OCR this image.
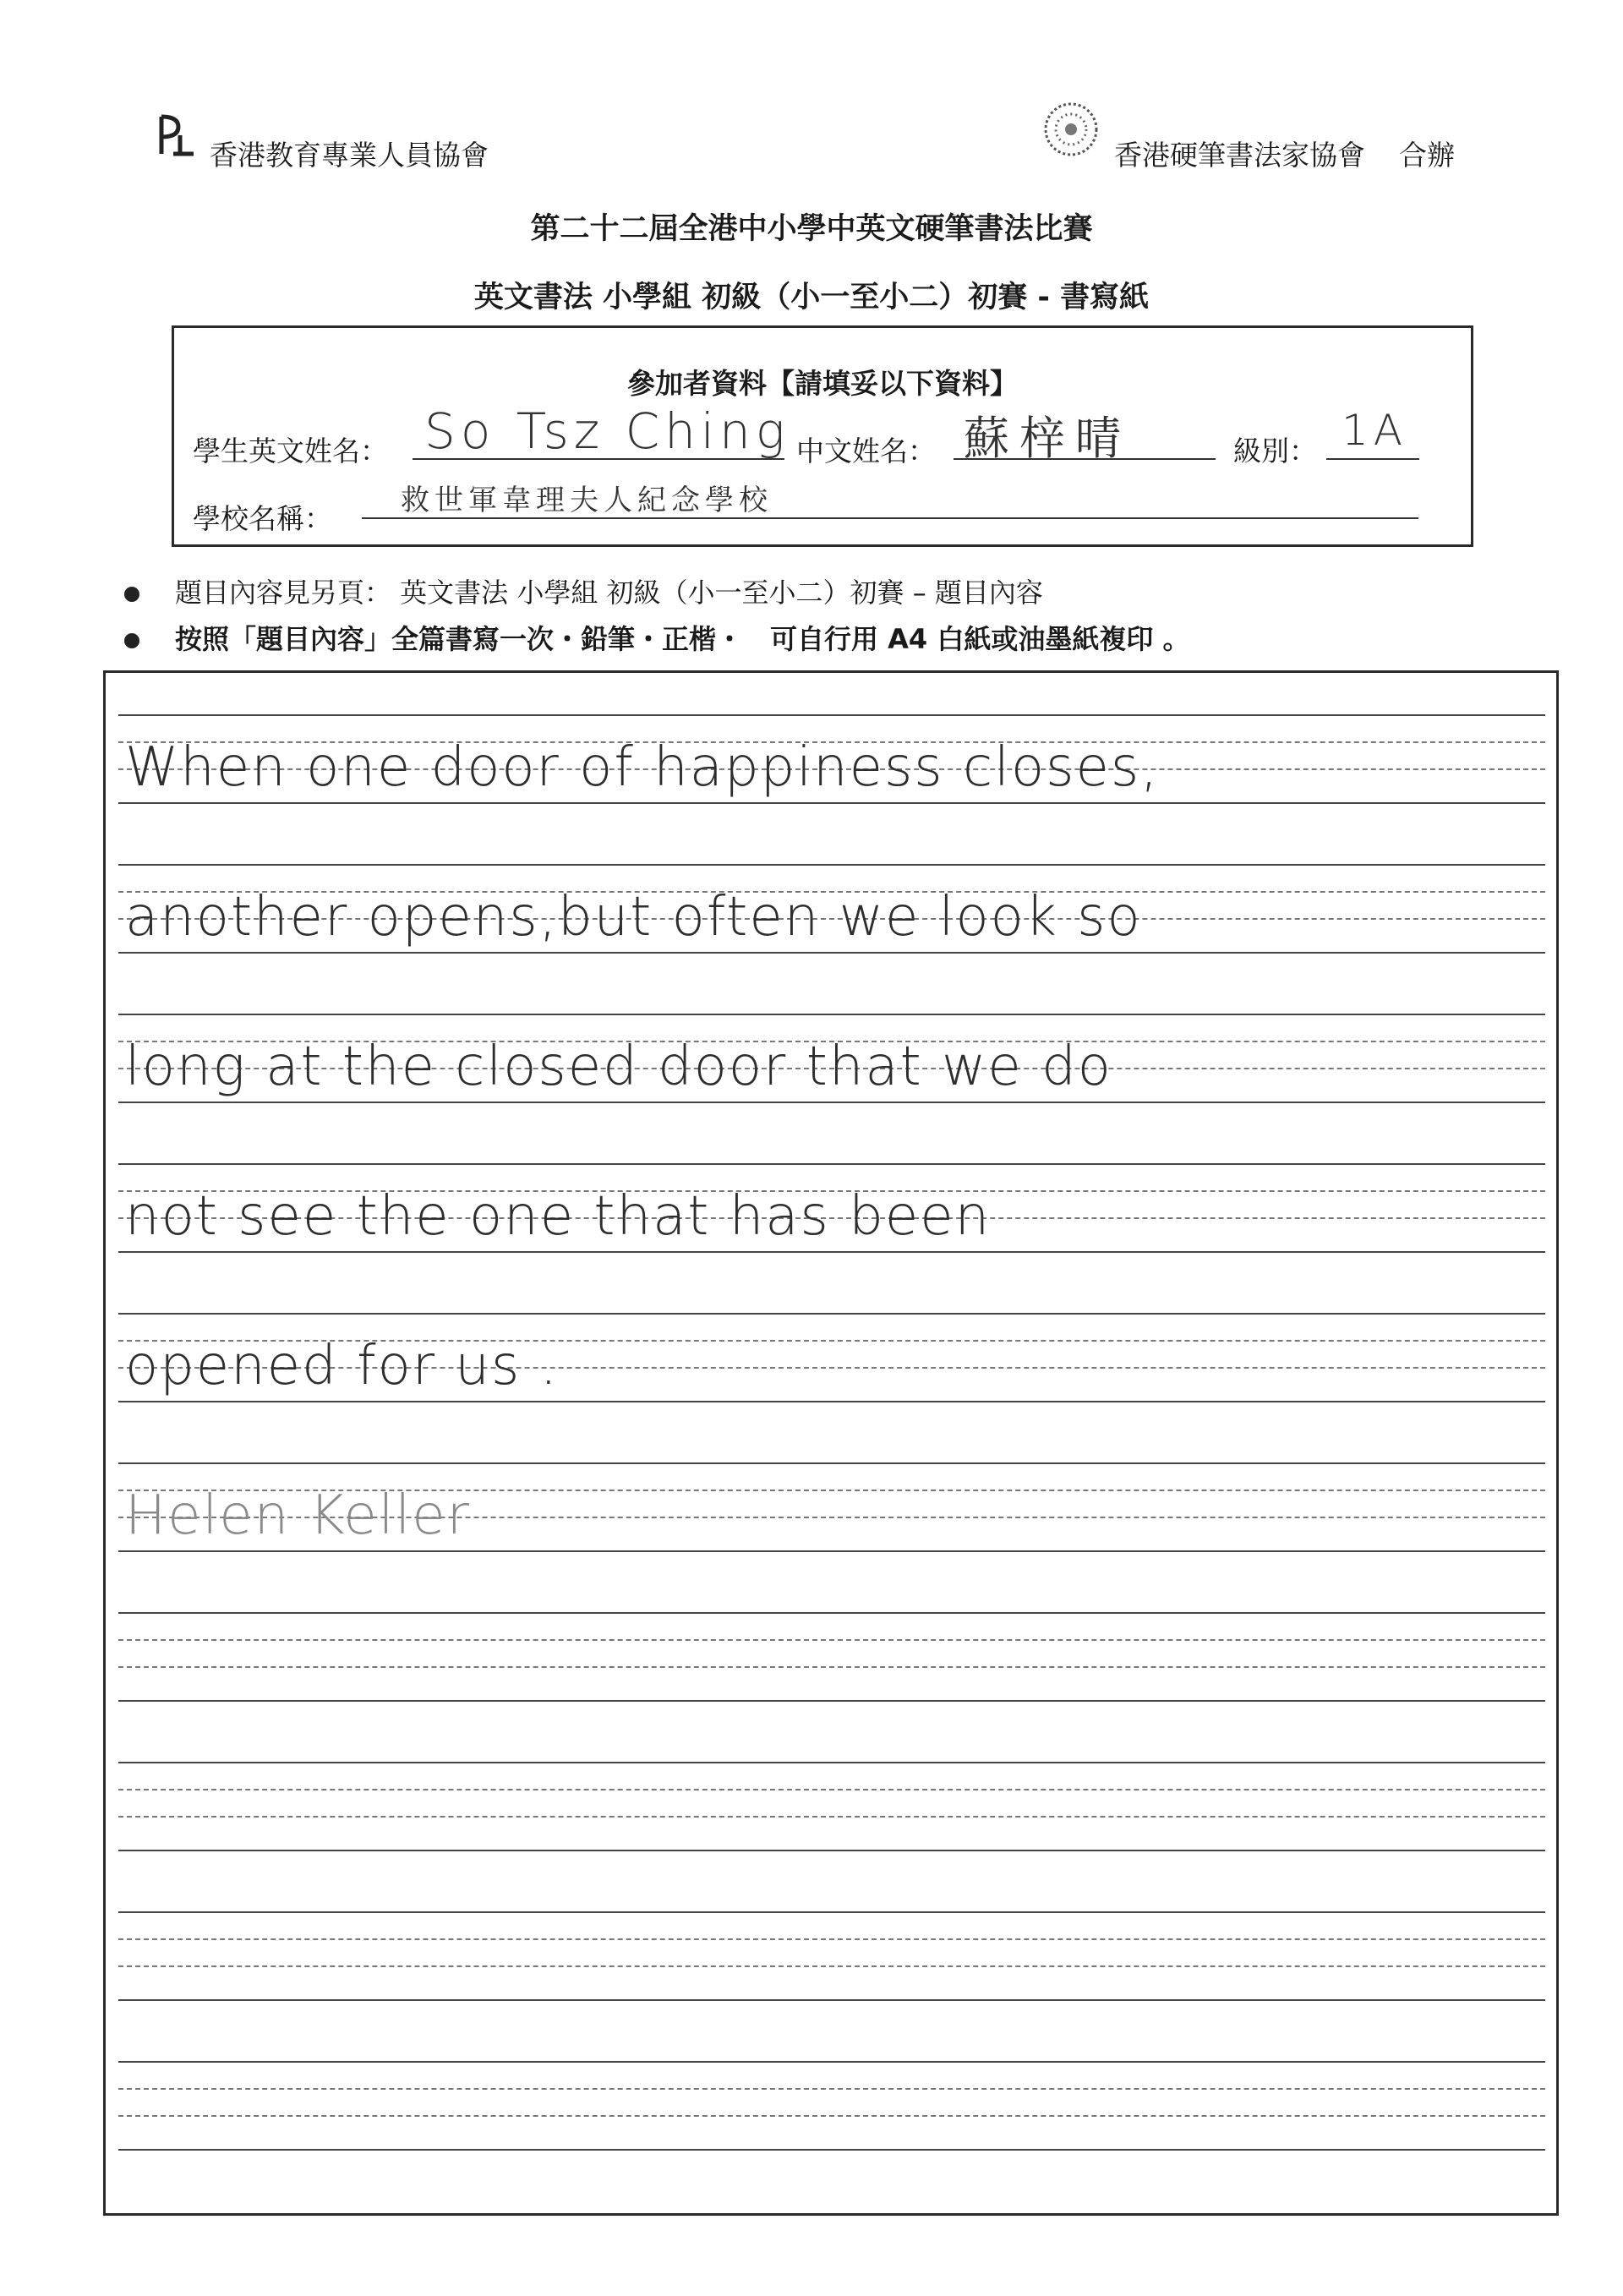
香港教育專業人員協會	香港硬筆書法家協會 合辦
第二十二屆全港中小學中英文硬筆書法比賽
英文書法 小學組 初級（小一至小二）初賽 - 書寫紙
參加者資料【請填妥以下資料】
學生英文姓名： So Tsz Ching 中文姓名： 蘇梓晴	級別： 1A
學校名稱：
救世軍韋理夫人紀念學校
題目內容見另頁： 英文書法 小學組 初級（小一至小二）初賽 – 題目內容
按照「題目內容」全篇書寫一次・鉛筆・正楷・　可自行用 A4 白紙或油墨紙複印 。
When one door of happiness closes,
another opens,but often we look so
long at the closed door that we do
not see the one that has been
opened for us .
Helen Keller
